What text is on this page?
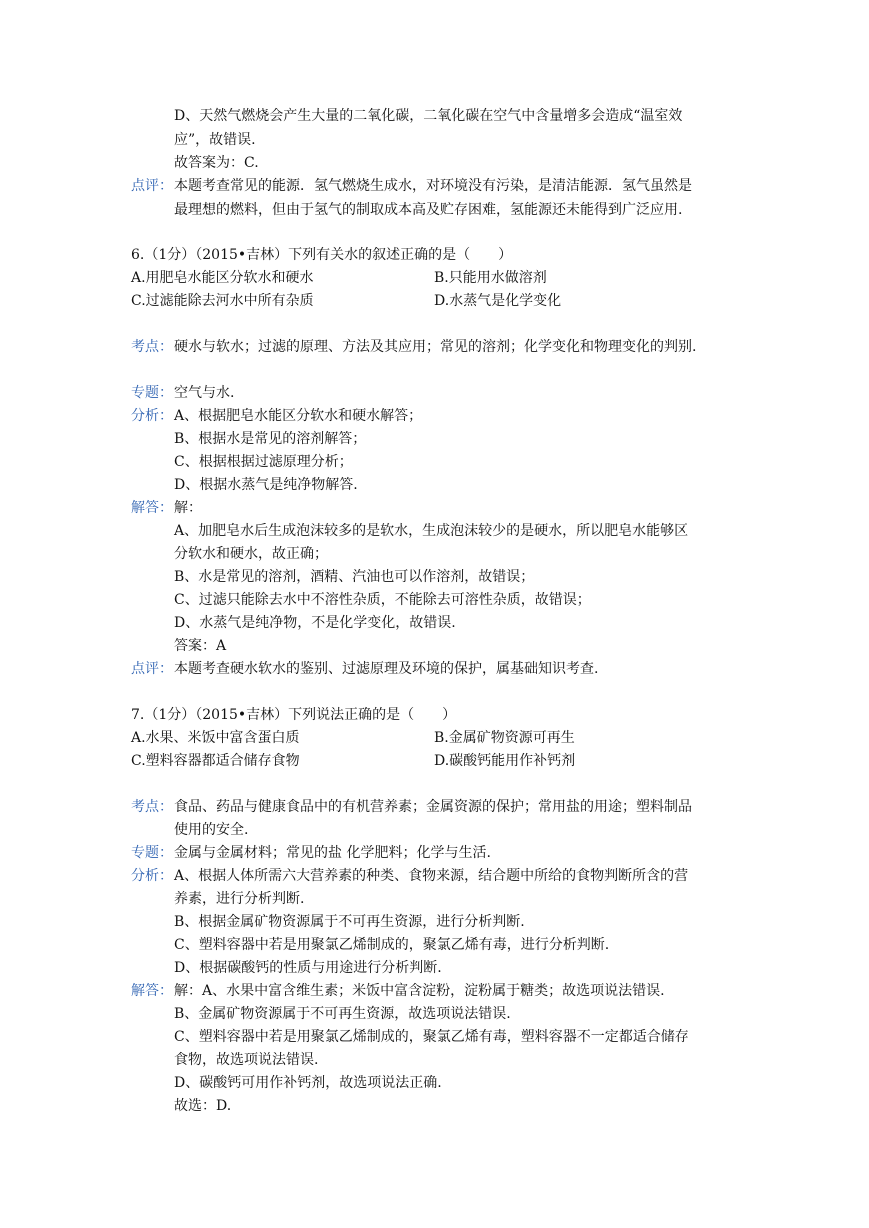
D、天然气燃烧会产生大量的二氧化碳，二氧化碳在空气中含量增多会造成“温室效
应”，故错误.
故答案为：C.
点评： 本题考查常见的能源．氢气燃烧生成水，对环境没有污染，是清洁能源．氢气虽然是
最理想的燃料，但由于氢气的制取成本高及贮存困难，氢能源还未能得到广泛应用.
6.（1分）（2015•吉林）下列有关水的叙述正确的是（　　）
A.用肥皂水能区分软水和硬水	B.只能用水做溶剂
C.过滤能除去河水中所有杂质	D.水蒸气是化学变化
考点： 硬水与软水；过滤的原理、方法及其应用；常见的溶剂；化学变化和物理变化的判别.
专题： 空气与水.
分析： A、根据肥皂水能区分软水和硬水解答；
B、根据水是常见的溶剂解答；
C、根据根据过滤原理分析；
D、根据水蒸气是纯净物解答.
解答： 解：
A、加肥皂水后生成泡沫较多的是软水，生成泡沫较少的是硬水，所以肥皂水能够区
分软水和硬水，故正确；
B、水是常见的溶剂，酒精、汽油也可以作溶剂，故错误；
C、过滤只能除去水中不溶性杂质，不能除去可溶性杂质，故错误；
D、水蒸气是纯净物，不是化学变化，故错误.
答案：A
点评： 本题考查硬水软水的鉴别、过滤原理及环境的保护，属基础知识考查.
7.（1分）（2015•吉林）下列说法正确的是（　　）
A.水果、米饭中富含蛋白质	B.金属矿物资源可再生
C.塑料容器都适合储存食物	D.碳酸钙能用作补钙剂
考点： 食品、药品与健康食品中的有机营养素；金属资源的保护；常用盐的用途；塑料制品
使用的安全.
专题： 金属与金属材料；常见的盐 化学肥料；化学与生活.
分析： A、根据人体所需六大营养素的种类、食物来源，结合题中所给的食物判断所含的营
养素，进行分析判断.
B、根据金属矿物资源属于不可再生资源，进行分析判断.
C、塑料容器中若是用聚氯乙烯制成的，聚氯乙烯有毒，进行分析判断.
D、根据碳酸钙的性质与用途进行分析判断.
解答： 解：A、水果中富含维生素；米饭中富含淀粉，淀粉属于糖类；故选项说法错误.
B、金属矿物资源属于不可再生资源，故选项说法错误.
C、塑料容器中若是用聚氯乙烯制成的，聚氯乙烯有毒，塑料容器不一定都适合储存
食物，故选项说法错误.
D、碳酸钙可用作补钙剂，故选项说法正确.
故选：D.
